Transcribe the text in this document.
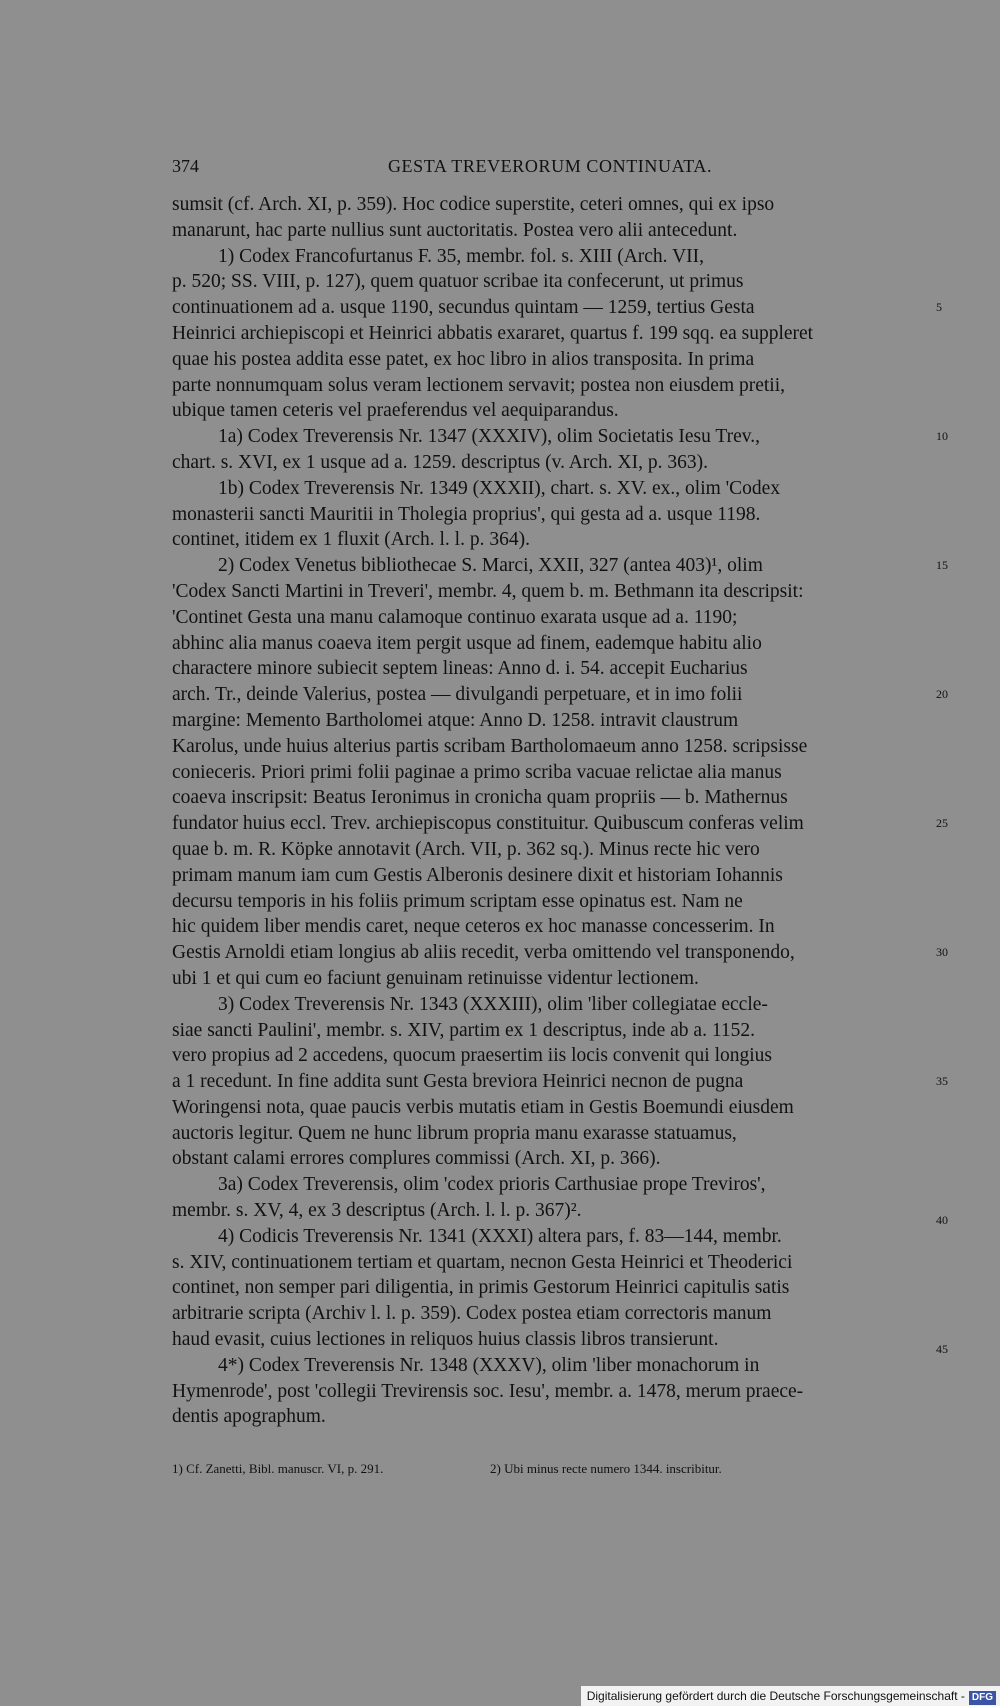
374	GESTA TREVERORUM CONTINUATA.
sumsit (cf. Arch. XI, p. 359). Hoc codice superstite, ceteri omnes, qui ex ipso
manarunt, hac parte nullius sunt auctoritatis. Postea vero alii antecedunt.
1) Codex Francofurtanus F. 35, membr. fol. s. XIII (Arch. VII,
p. 520; SS. VIII, p. 127), quem quatuor scribae ita confecerunt, ut primus
continuationem ad a. usque 1190, secundus quintam — 1259, tertius Gesta
Heinrici archiepiscopi et Heinrici abbatis exararet, quartus f. 199 sqq. ea suppleret
quae his postea addita esse patet, ex hoc libro in alios transposita. In prima
parte nonnumquam solus veram lectionem servavit; postea non eiusdem pretii,
ubique tamen ceteris vel praeferendus vel aequiparandus.
1a) Codex Treverensis Nr. 1347 (XXXIV), olim Societatis Iesu Trev.,
chart. s. XVI, ex 1 usque ad a. 1259. descriptus (v. Arch. XI, p. 363).
1b) Codex Treverensis Nr. 1349 (XXXII), chart. s. XV. ex., olim 'Codex
monasterii sancti Mauritii in Tholegia proprius', qui gesta ad a. usque 1198.
continet, itidem ex 1 fluxit (Arch. l. l. p. 364).
2) Codex Venetus bibliothecae S. Marci, XXII, 327 (antea 403)¹, olim
'Codex Sancti Martini in Treveri', membr. 4, quem b. m. Bethmann ita descripsit:
'Continet Gesta una manu calamoque continuo exarata usque ad a. 1190;
abhinc alia manus coaeva item pergit usque ad finem, eademque habitu alio
charactere minore subiecit septem lineas: Anno d. i. 54. accepit Eucharius
arch. Tr., deinde Valerius, postea — divulgandi perpetuare, et in imo folii
margine: Memento Bartholomei atque: Anno D. 1258. intravit claustrum
Karolus, unde huius alterius partis scribam Bartholomaeum anno 1258. scripsisse
conieceris. Priori primi folii paginae a primo scriba vacuae relictae alia manus
coaeva inscripsit: Beatus Ieronimus in cronicha quam propriis — b. Mathernus
fundator huius eccl. Trev. archiepiscopus constituitur. Quibuscum conferas velim
quae b. m. R. Köpke annotavit (Arch. VII, p. 362 sq.). Minus recte hic vero
primam manum iam cum Gestis Alberonis desinere dixit et historiam Iohannis
decursu temporis in his foliis primum scriptam esse opinatus est. Nam ne
hic quidem liber mendis caret, neque ceteros ex hoc manasse concesserim. In
Gestis Arnoldi etiam longius ab aliis recedit, verba omittendo vel transponendo,
ubi 1 et qui cum eo faciunt genuinam retinuisse videntur lectionem.
3) Codex Treverensis Nr. 1343 (XXXIII), olim 'liber collegiatae eccle-
siae sancti Paulini', membr. s. XIV, partim ex 1 descriptus, inde ab a. 1152.
vero propius ad 2 accedens, quocum praesertim iis locis convenit qui longius
a 1 recedunt. In fine addita sunt Gesta breviora Heinrici necnon de pugna
Woringensi nota, quae paucis verbis mutatis etiam in Gestis Boemundi eiusdem
auctoris legitur. Quem ne hunc librum propria manu exarasse statuamus,
obstant calami errores complures commissi (Arch. XI, p. 366).
3a) Codex Treverensis, olim 'codex prioris Carthusiae prope Treviros',
membr. s. XV, 4, ex 3 descriptus (Arch. l. l. p. 367)².
4) Codicis Treverensis Nr. 1341 (XXXI) altera pars, f. 83—144, membr.
s. XIV, continuationem tertiam et quartam, necnon Gesta Heinrici et Theoderici
continet, non semper pari diligentia, in primis Gestorum Heinrici capitulis satis
arbitrarie scripta (Archiv l. l. p. 359). Codex postea etiam correctoris manum
haud evasit, cuius lectiones in reliquos huius classis libros transierunt.
4*) Codex Treverensis Nr. 1348 (XXXV), olim 'liber monachorum in
Hymenrode', post 'collegii Trevirensis soc. Iesu', membr. a. 1478, merum praece-
dentis apographum.
5
10
15
20
25
30
35
40
45
1) Cf. Zanetti, Bibl. manuscr. VI, p. 291.	2) Ubi minus recte numero 1344. inscribitur.
Digitalisierung gefördert durch die Deutsche Forschungsgemeinschaft - DFG
